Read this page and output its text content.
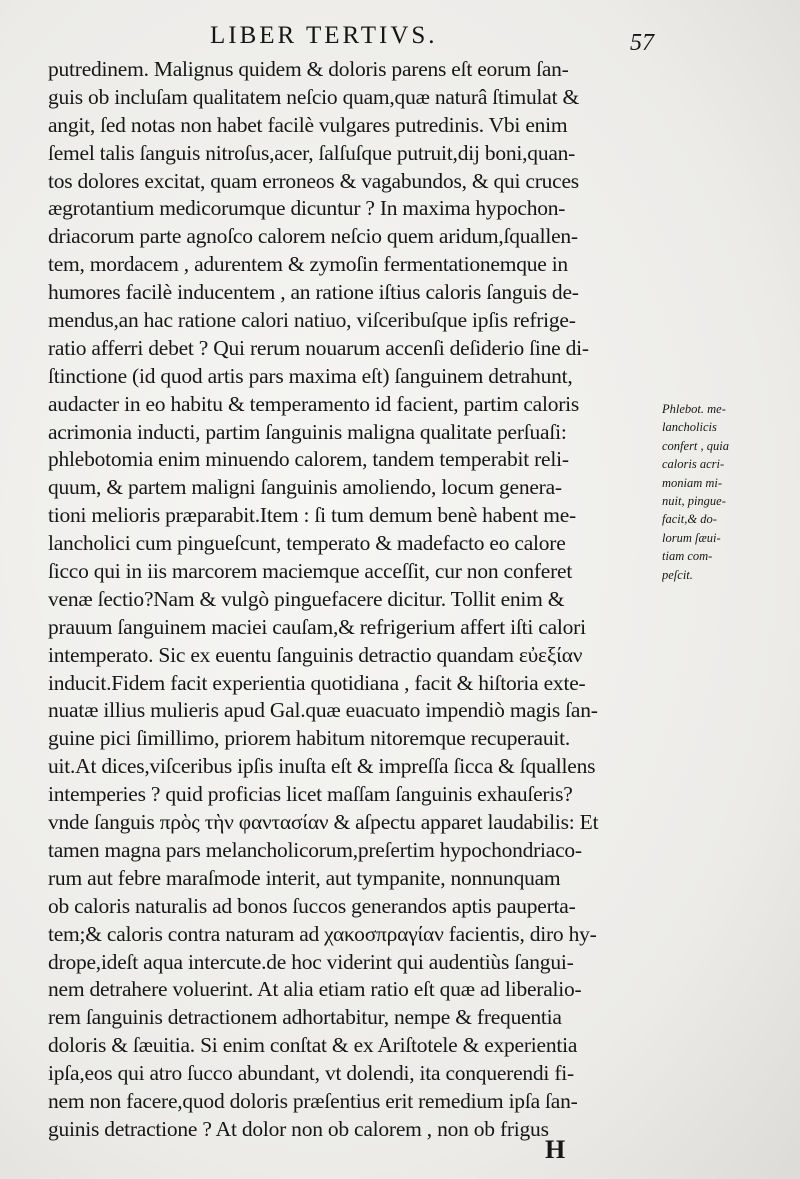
LIBER TERTIVS.	57
putredinem. Malignus quidem & doloris parens eſt eorum ſan-
guis ob incluſam qualitatem neſcio quam,quæ naturâ ſtimulat &
angit, ſed notas non habet facilè vulgares putredinis. Vbi enim
ſemel talis ſanguis nitroſus,acer, ſalſuſque putruit,dij boni,quan-
tos dolores excitat, quam erroneos & vagabundos, & qui cruces
ægrotantium medicorumque dicuntur ? In maxima hypochon-
driacorum parte agnoſco calorem neſcio quem aridum,ſquallen-
tem, mordacem , adurentem & zymoſin fermentationemque in
humores facilè inducentem , an ratione iſtius caloris ſanguis de-
mendus,an hac ratione calori natiuo, viſceribuſque ipſis refrige-
ratio afferri debet ? Qui rerum nouarum accenſi deſiderio ſine di-
ſtinctione (id quod artis pars maxima eſt) ſanguinem detrahunt,
audacter in eo habitu & temperamento id facient, partim caloris
acrimonia inducti, partim ſanguinis maligna qualitate perſuaſi:
phlebotomia enim minuendo calorem, tandem temperabit reli-
quum, & partem maligni ſanguinis amoliendo, locum genera-
tioni melioris præparabit.Item : ſi tum demum benè habent me-
lancholici cum pingueſcunt, temperato & madefacto eo calore
ſicco qui in iis marcorem maciemque acceſſit, cur non conferet
venæ ſectio?Nam & vulgò pinguefacere dicitur. Tollit enim &
prauum ſanguinem maciei cauſam,& refrigerium affert iſti calori
intemperato. Sic ex euentu ſanguinis detractio quandam εὐεξίαν
inducit.Fidem facit experientia quotidiana , facit & hiſtoria exte-
nuatæ illius mulieris apud Gal.quæ euacuato impendiò magis ſan-
guine pici ſimillimo, priorem habitum nitoremque recuperauit.
uit.At dices,viſceribus ipſis inuſta eſt & impreſſa ſicca & ſquallens
intemperies ? quid proficias licet maſſam ſanguinis exhauſeris?
vnde ſanguis πρὸς τὴν φαντασίαν & aſpectu apparet laudabilis: Et
tamen magna pars melancholicorum,preſertim hypochondriaco-
rum aut febre maraſmode interit, aut tympanite, nonnunquam
ob caloris naturalis ad bonos ſuccos generandos aptis pauperta-
tem;& caloris contra naturam ad χακοσπραγίαν facientis, diro hy-
drope,ideſt aqua intercute.de hoc viderint qui audentiùs ſangui-
nem detrahere voluerint. At alia etiam ratio eſt quæ ad liberalio-
rem ſanguinis detractionem adhortabitur, nempe & frequentia
doloris & ſæuitia. Si enim conſtat & ex Ariſtotele & experientia
ipſa,eos qui atro ſucco abundant, vt dolendi, ita conquerendi fi-
nem non facere,quod doloris præſentius erit remedium ipſa ſan-
guinis detractione ? At dolor non ob calorem , non ob frigus
Phlebot. me-
lancholicis
confert , quia
caloris acri-
moniam mi-
nuit, pingue-
facit,& do-
lorum ſæui-
tiam com-
peſcit.
H
